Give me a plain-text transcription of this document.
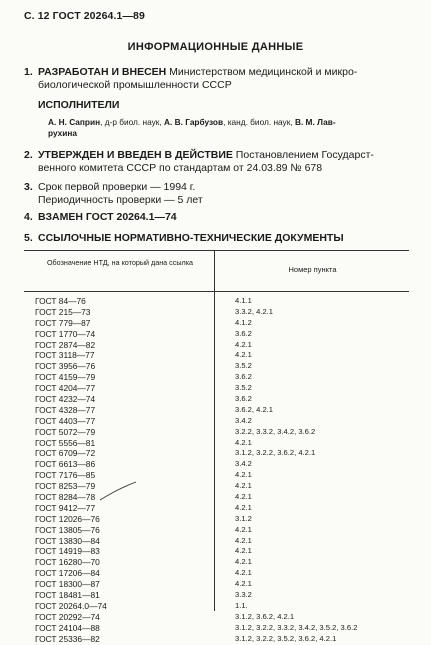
С. 12 ГОСТ 20264.1—89
ИНФОРМАЦИОННЫЕ ДАННЫЕ
1. РАЗРАБОТАН И ВНЕСЕН Министерством медицинской и микро-
биологической промышленности СССР
ИСПОЛНИТЕЛИ
А. Н. Саприн, д-р биол. наук, А. В. Гарбузов, канд. биол. наук, В. М. Лав-
рухина
2. УТВЕРЖДЕН И ВВЕДЕН В ДЕЙСТВИЕ Постановлением Государст-
венного комитета СССР по стандартам от 24.03.89 № 678
3. Срок первой проверки — 1994 г.
Периодичность проверки — 5 лет
4. ВЗАМЕН ГОСТ 20264.1—74
5. ССЫЛОЧНЫЕ НОРМАТИВНО-ТЕХНИЧЕСКИЕ ДОКУМЕНТЫ
Обозначение НТД, на который дана ссылка
Номер пункта
ГОСТ 84—76	4.1.1
ГОСТ 215—73	3.3.2, 4.2.1
ГОСТ 779—87	4.1.2
ГОСТ 1770—74	3.6.2
ГОСТ 2874—82	4.2.1
ГОСТ 3118—77	4.2.1
ГОСТ 3956—76	3.5.2
ГОСТ 4159—79	3.6.2
ГОСТ 4204—77	3.5.2
ГОСТ 4232—74	3.6.2
ГОСТ 4328—77	3.6.2, 4.2.1
ГОСТ 4403—77	3.4.2
ГОСТ 5072—79	3.2.2, 3.3.2, 3.4.2, 3.6.2
ГОСТ 5556—81	4.2.1
ГОСТ 6709—72	3.1.2, 3.2.2, 3.6.2, 4.2.1
ГОСТ 6613—86	3.4.2
ГОСТ 7176—85	4.2.1
ГОСТ 8253—79	4.2.1
ГОСТ 8284—78	4.2.1
ГОСТ 9412—77	4.2.1
ГОСТ 12026—76	3.1.2
ГОСТ 13805—76	4.2.1
ГОСТ 13830—84	4.2.1
ГОСТ 14919—83	4.2.1
ГОСТ 16280—70	4.2.1
ГОСТ 17206—84	4.2.1
ГОСТ 18300—87	4.2.1
ГОСТ 18481—81	3.3.2
ГОСТ 20264.0—74	1.1.
ГОСТ 20292—74	3.1.2, 3.6.2, 4.2.1
ГОСТ 24104—88	3.1.2, 3.2.2, 3.3.2, 3.4.2, 3.5.2, 3.6.2
ГОСТ 25336—82	3.1.2, 3.2.2, 3.5.2, 3.6.2, 4.2.1
